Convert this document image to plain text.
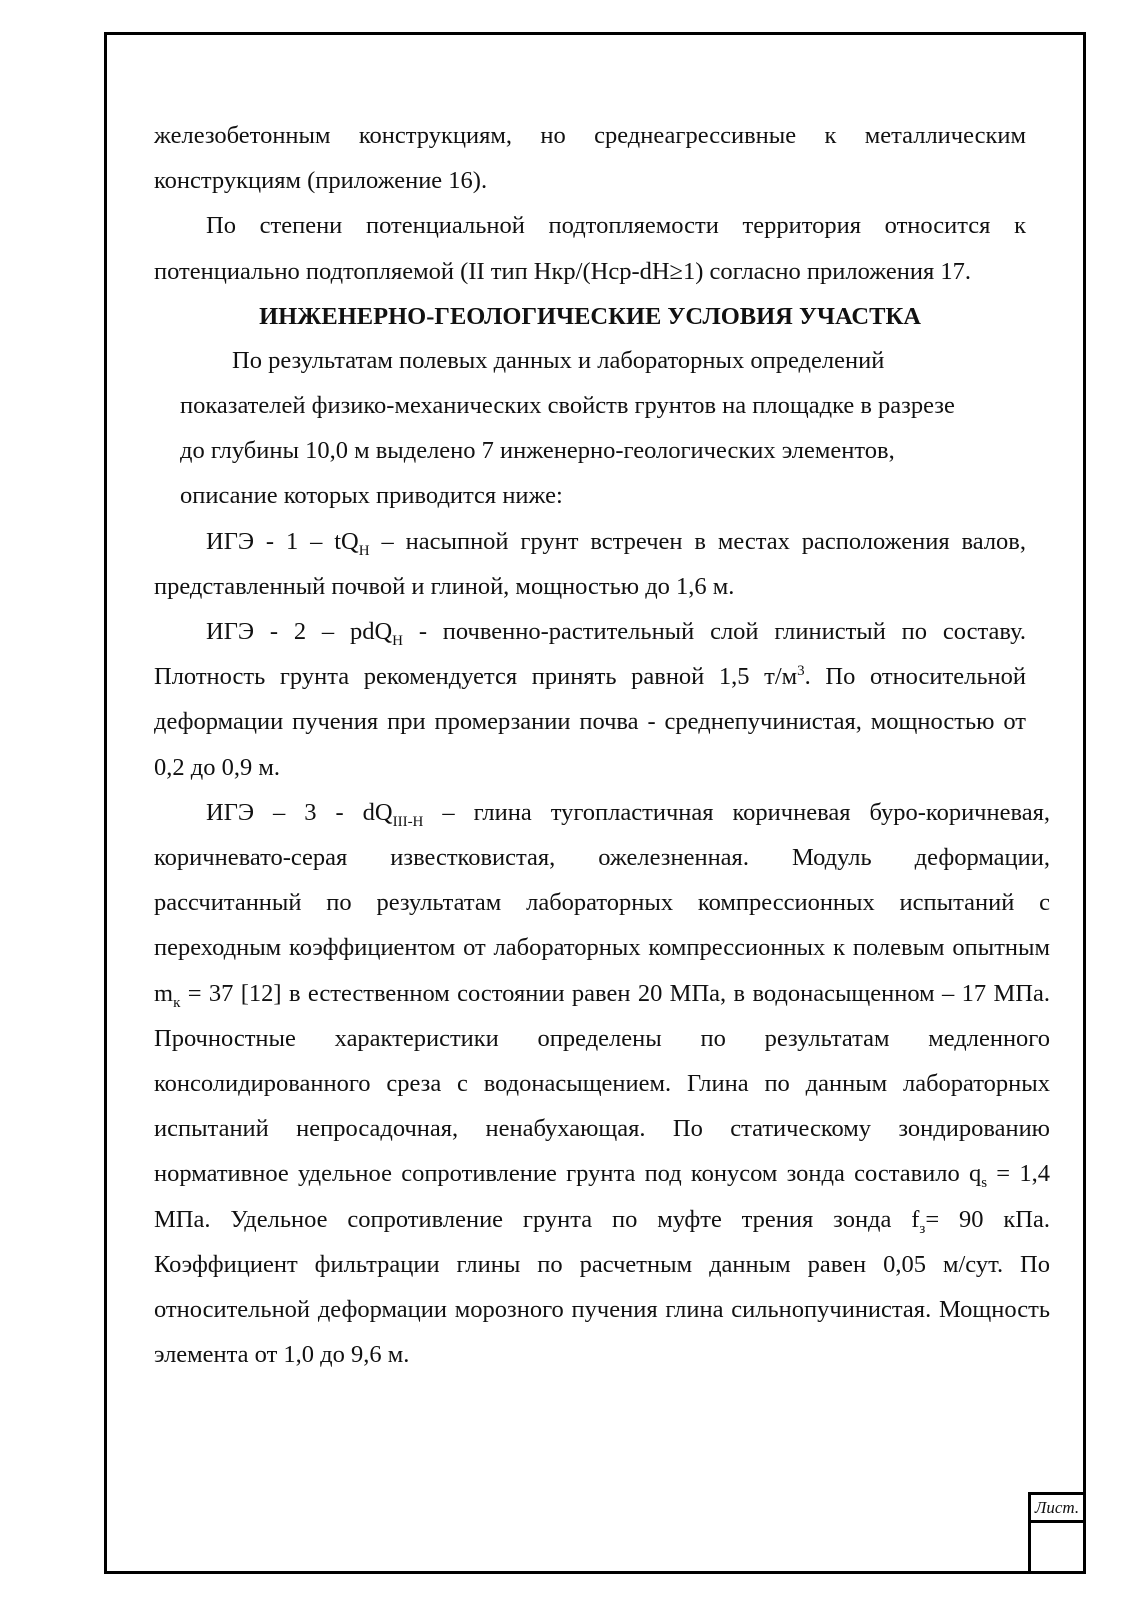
Лист.

железобетонным конструкциям, но среднеагрессивные к металлическим конструкциям (приложение 16).

По степени потенциальной подтопляемости территория относится к потенциально подтопляемой (II тип Нкр/(Нср-dH≥1) согласно приложения 17.

ИНЖЕНЕРНО-ГЕОЛОГИЧЕСКИЕ УСЛОВИЯ УЧАСТКА

По результатам полевых данных и лабораторных определений
показателей физико-механических свойств грунтов на площадке в разрезе
до глубины 10,0 м выделено 7 инженерно-геологических элементов,
описание которых приводится ниже:

ИГЭ - $1 - tQ_H$ – насыпной грунт встречен в местах расположения валов, представленный почвой и глиной, мощностью до 1,6 м.

ИГЭ - 2 – pdQ$_H$ - почвенно-растительный слой глинистый по составу. Плотность грунта рекомендуется принять равной 1,5 $т/м^3$. По относительной деформации пучения при промерзании почва - среднепучинистая, мощностью от 0,2 до 0,9 м.

ИГЭ – $3 - dQ_{III-H}$ – глина тугопластичная коричневая буро-коричневая, коричневато-серая известковистая, ожелезненная. Модуль деформации, рассчитанный по результатам лабораторных компрессионных испытаний с переходным коэффициентом от лабораторных компрессионных к полевым опытным $m_к = 37$ [12] в естественном состоянии равен 20 МПа, в водонасыщенном – 17 МПа. Прочностные характеристики определены по результатам медленного консолидированного среза с водонасыщением. Глина по данным лабораторных испытаний непросадочная, ненабухающая. По статическому зондированию нормативное удельное сопротивление грунта под конусом зонда составило $q_s = 1,4$ МПа. Удельное сопротивление грунта по муфте трения зонда $f_з= 90$ кПа. Коэффициент фильтрации глины по расчетным данным равен 0,05 м/сут. По относительной деформации морозного пучения глина сильнопучинистая. Мощность элемента от 1,0 до 9,6 м.
